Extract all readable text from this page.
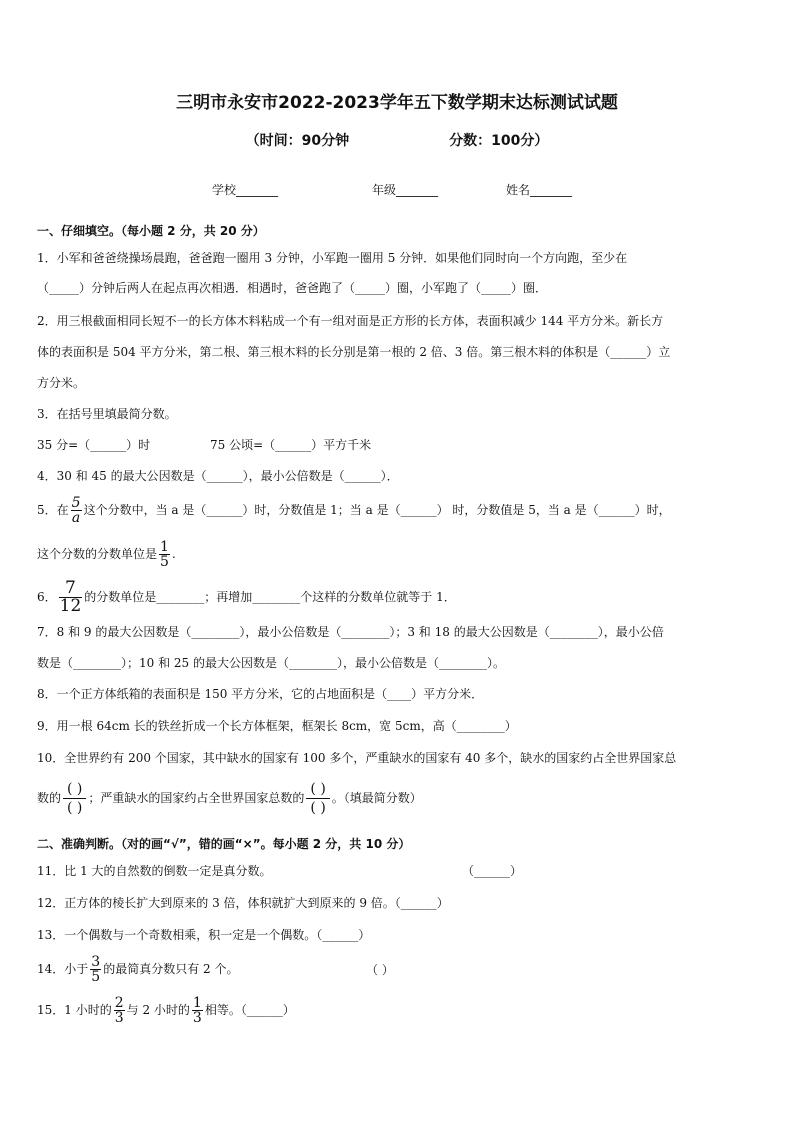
三明市永安市2022-2023学年五下数学期末达标测试试题
（时间：90分钟	分数：100分）
学校_______	年级_______	姓名_______
一、仔细填空。（每小题 2 分，共 20 分）
1．小军和爸爸绕操场晨跑，爸爸跑一圈用 3 分钟，小军跑一圈用 5 分钟．如果他们同时向一个方向跑，至少在
（_____）分钟后两人在起点再次相遇．相遇时，爸爸跑了（_____）圈，小军跑了（_____）圈．
2．用三根截面相同长短不一的长方体木料粘成一个有一组对面是正方形的长方体，表面积减少 144 平方分米。新长方
体的表面积是 504 平方分米，第二根、第三根木料的长分别是第一根的 2 倍、3 倍。第三根木料的体积是（______）立
方分米。
3．在括号里填最简分数。
35 分=（______）时	75 公顷=（______）平方千米
4．30 和 45 的最大公因数是（______），最小公倍数是（______）．
5．在 $\frac{5}{a}$ 这个分数中，当 a 是（______）时，分数值是 1；当 a 是（______） 时，分数值是 5，当 a 是（______）时，
这个分数的分数单位是 $\frac{1}{5}$ .
6． $\frac{7}{12}$ 的分数单位是________；再增加________个这样的分数单位就等于 1．
7．8 和 9 的最大公因数是（________），最小公倍数是（________）；3 和 18 的最大公因数是（________），最小公倍
数是（________）；10 和 25 的最大公因数是（________），最小公倍数是（________）。
8．一个正方体纸箱的表面积是 150 平方分米，它的占地面积是（____）平方分米．
9．用一根 64cm 长的铁丝折成一个长方体框架，框架长 8cm，宽 5cm，高（________）
10．全世界约有 200 个国家，其中缺水的国家有 100 多个，严重缺水的国家有 40 多个，缺水的国家约占全世界国家总
数的 $\frac{( )}{( )}$ ；严重缺水的国家约占全世界国家总数的 $\frac{( )}{( )}$ 。（填最简分数）
二、准确判断。（对的画“√”，错的画“×”。每小题 2 分，共 10 分）
11．比 1 大的自然数的倒数一定是真分数。	（______）
12．正方体的棱长扩大到原来的 3 倍，体积就扩大到原来的 9 倍。（______）
13．一个偶数与一个奇数相乘，积一定是一个偶数。（______）
14．小于 $\frac{3}{5}$ 的最简真分数只有 2 个。	（ ）
15．1 小时的 $\frac{2}{3}$ 与 2 小时的 $\frac{1}{3}$ 相等。（______）
